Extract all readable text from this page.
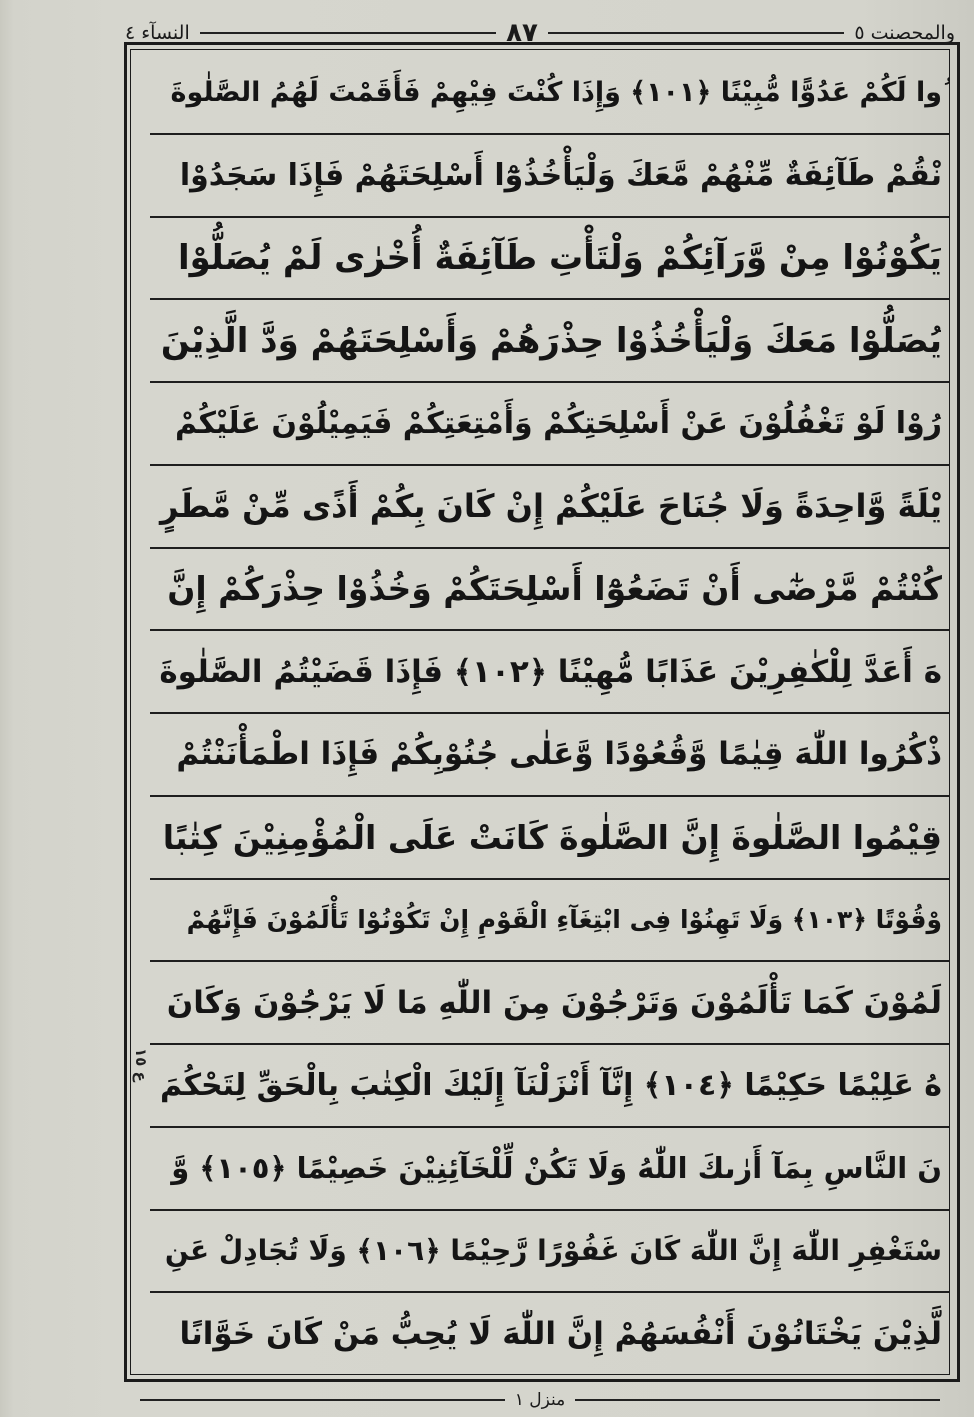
والمحصنت ٥
٨٧
النسآء ٤
ُوا لَكُمْ عَدُوًّا مُّبِيْنًا ﴿١٠١﴾ وَإِذَا كُنْتَ فِيْهِمْ فَأَقَمْتَ لَهُمُ الصَّلٰوةَ
نْقُمْ طَآئِفَةٌ مِّنْهُمْ مَّعَكَ وَلْيَأْخُذُوْٓا أَسْلِحَتَهُمْ فَإِذَا سَجَدُوْا
يَكُوْنُوْا مِنْ وَّرَآئِكُمْ وَلْتَأْتِ طَآئِفَةٌ أُخْرٰى لَمْ يُصَلُّوْا
يُصَلُّوْا مَعَكَ وَلْيَأْخُذُوْا حِذْرَهُمْ وَأَسْلِحَتَهُمْ وَدَّ الَّذِيْنَ
رُوْا لَوْ تَغْفُلُوْنَ عَنْ أَسْلِحَتِكُمْ وَأَمْتِعَتِكُمْ فَيَمِيْلُوْنَ عَلَيْكُمْ
يْلَةً وَّاحِدَةً وَلَا جُنَاحَ عَلَيْكُمْ إِنْ كَانَ بِكُمْ أَذًى مِّنْ مَّطَرٍ
كُنْتُمْ مَّرْضٰٓى أَنْ تَضَعُوْٓا أَسْلِحَتَكُمْ وَخُذُوْا حِذْرَكُمْ إِنَّ
هَ أَعَدَّ لِلْكٰفِرِيْنَ عَذَابًا مُّهِيْنًا ﴿١٠٢﴾ فَإِذَا قَضَيْتُمُ الصَّلٰوةَ
ذْكُرُوا اللّٰهَ قِيٰمًا وَّقُعُوْدًا وَّعَلٰى جُنُوْبِكُمْ فَإِذَا اطْمَأْنَنْتُمْ
قِيْمُوا الصَّلٰوةَ إِنَّ الصَّلٰوةَ كَانَتْ عَلَى الْمُؤْمِنِيْنَ كِتٰبًا
وْقُوْتًا ﴿١٠٣﴾ وَلَا تَهِنُوْا فِى ابْتِغَآءِ الْقَوْمِ إِنْ تَكُوْنُوْا تَأْلَمُوْنَ فَإِنَّهُمْ
لَمُوْنَ كَمَا تَأْلَمُوْنَ وَتَرْجُوْنَ مِنَ اللّٰهِ مَا لَا يَرْجُوْنَ وَكَانَ
هُ عَلِيْمًا حَكِيْمًا ﴿١٠٤﴾ إِنَّآ أَنْزَلْنَآ إِلَيْكَ الْكِتٰبَ بِالْحَقِّ لِتَحْكُمَ
نَ النَّاسِ بِمَآ أَرٰىكَ اللّٰهُ وَلَا تَكُنْ لِّلْخَآئِنِيْنَ خَصِيْمًا ﴿١٠٥﴾ وَّ
سْتَغْفِرِ اللّٰهَ إِنَّ اللّٰهَ كَانَ غَفُوْرًا رَّحِيْمًا ﴿١٠٦﴾ وَلَا تُجَادِلْ عَنِ
لَّذِيْنَ يَخْتَانُوْنَ أَنْفُسَهُمْ إِنَّ اللّٰهَ لَا يُحِبُّ مَنْ كَانَ خَوَّانًا
ع ١٥
منزل ١
